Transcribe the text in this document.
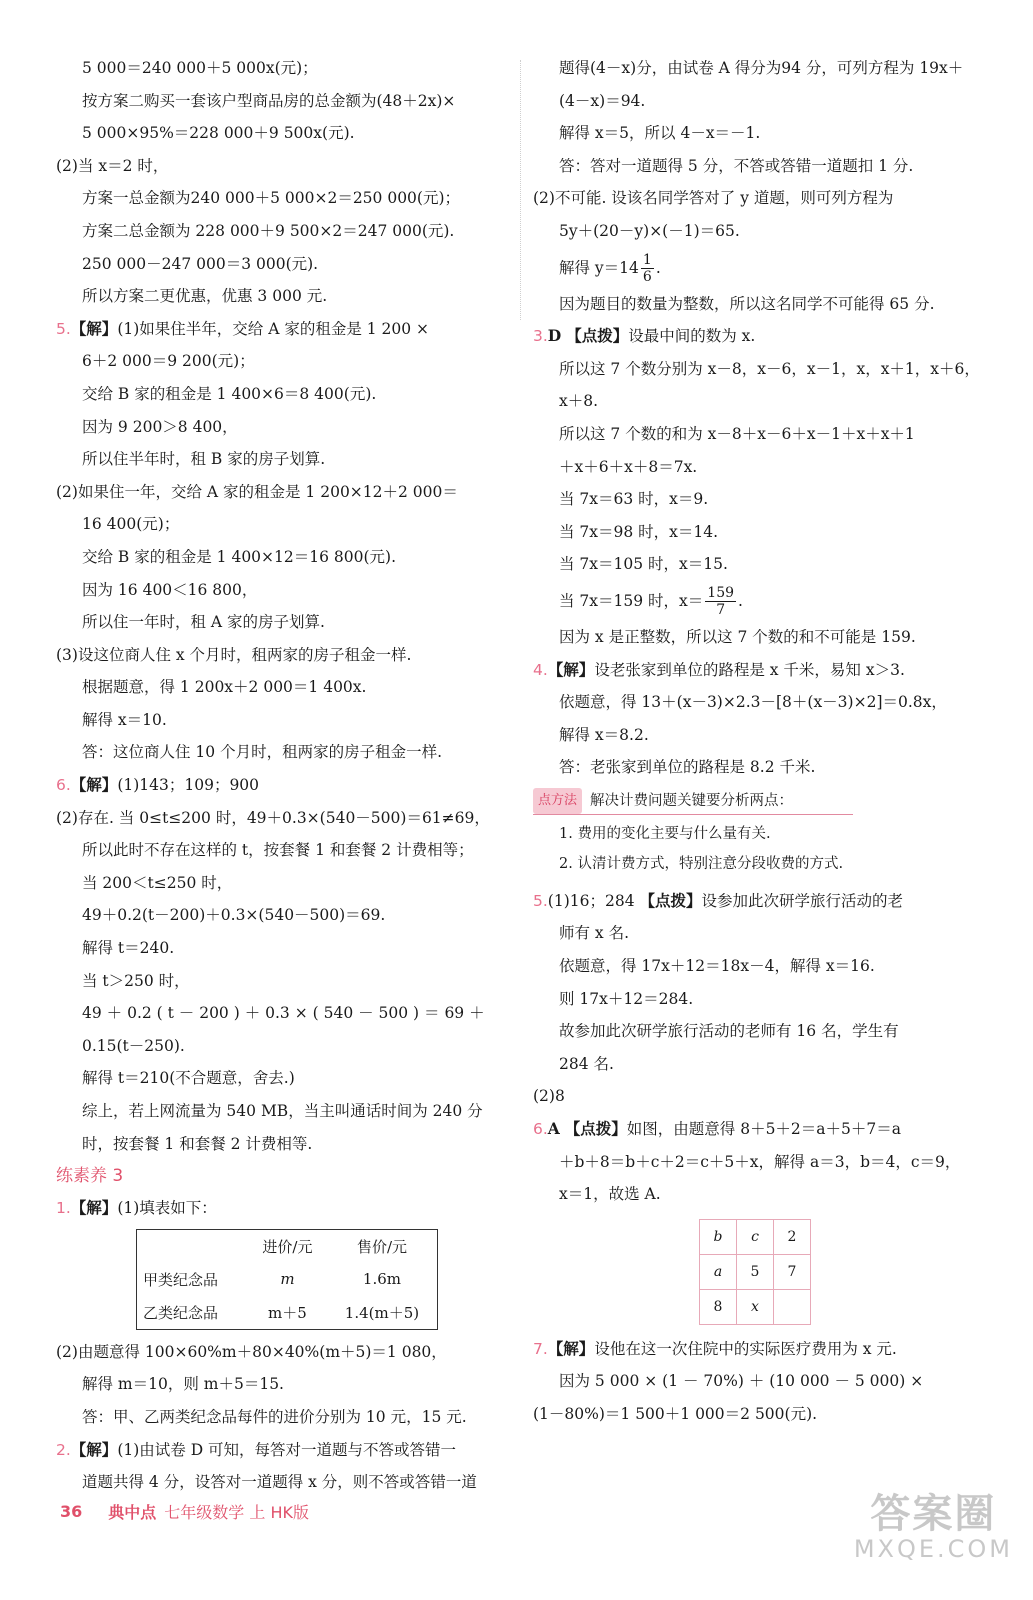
5 000＝240 000＋5 000x(元)；
按方案二购买一套该户型商品房的总金额为(48＋2x)×
5 000×95%＝228 000＋9 500x(元).
(2)当 x＝2 时，
方案一总金额为240 000＋5 000×2＝250 000(元)；
方案二总金额为 228 000＋9 500×2＝247 000(元).
250 000－247 000＝3 000(元).
所以方案二更优惠，优惠 3 000 元.
5.【解】(1)如果住半年，交给 A 家的租金是 1 200 ×
6＋2 000＝9 200(元)；
交给 B 家的租金是 1 400×6＝8 400(元).
因为 9 200＞8 400，
所以住半年时，租 B 家的房子划算.
(2)如果住一年，交给 A 家的租金是 1 200×12＋2 000＝
16 400(元)；
交给 B 家的租金是 1 400×12＝16 800(元).
因为 16 400＜16 800，
所以住一年时，租 A 家的房子划算.
(3)设这位商人住 x 个月时，租两家的房子租金一样.
根据题意，得 1 200x＋2 000＝1 400x.
解得 x＝10.
答：这位商人住 10 个月时，租两家的房子租金一样.
6.【解】(1)143；109；900
(2)存在. 当 0≤t≤200 时，49＋0.3×(540－500)＝61≠69，
所以此时不存在这样的 t，按套餐 1 和套餐 2 计费相等；
当 200＜t≤250 时，
49＋0.2(t－200)＋0.3×(540－500)＝69.
解得 t＝240.
当 t＞250 时，
49 ＋ 0.2 ( t － 200 ) ＋ 0.3 × ( 540 － 500 ) ＝ 69 ＋
0.15(t－250).
解得 t＝210(不合题意，舍去.)
综上，若上网流量为 540 MB，当主叫通话时间为 240 分
时，按套餐 1 和套餐 2 计费相等.
练素养 3
1.【解】(1)填表如下：
	进价/元	售价/元
甲类纪念品	m	1.6m
乙类纪念品	m＋5	1.4(m＋5)
(2)由题意得 100×60%m＋80×40%(m＋5)＝1 080，
解得 m＝10，则 m＋5＝15.
答：甲、乙两类纪念品每件的进价分别为 10 元，15 元.
2.【解】(1)由试卷 D 可知，每答对一道题与不答或答错一
道题共得 4 分，设答对一道题得 x 分，则不答或答错一道
题得(4－x)分，由试卷 A 得分为94 分，可列方程为 19x＋
(4－x)＝94.
解得 x＝5，所以 4－x＝－1.
答：答对一道题得 5 分，不答或答错一道题扣 1 分.
(2)不可能. 设该名同学答对了 y 道题，则可列方程为
5y＋(20－y)×(－1)＝65.
解得 $y=14 \frac{1}{6}$ .
因为题目的数量为整数，所以这名同学不可能得 65 分.
3.D 【点拨】设最中间的数为 x.
所以这 7 个数分别为 x－8，x－6，x－1，x，x＋1，x＋6，
x＋8.
所以这 7 个数的和为 x－8＋x－6＋x－1＋x＋x＋1
＋x＋6＋x＋8＝7x.
当 7x＝63 时，x＝9.
当 7x＝98 时，x＝14.
当 7x＝105 时，x＝15.
当 7x＝159 时，$x= \frac{159}{7}$ .
因为 x 是正整数，所以这 7 个数的和不可能是 159.
4.【解】设老张家到单位的路程是 x 千米，易知 x＞3.
依题意，得 13＋(x－3)×2.3－[8＋(x－3)×2]＝0.8x，
解得 x＝8.2.
答：老张家到单位的路程是 8.2 千米.
点方法 解决计费问题关键要分析两点：
1. 费用的变化主要与什么量有关.
2. 认清计费方式，特别注意分段收费的方式.
5.(1)16；284 【点拨】设参加此次研学旅行活动的老
师有 x 名.
依题意，得 17x＋12＝18x－4，解得 x＝16.
则 17x＋12＝284.
故参加此次研学旅行活动的老师有 16 名，学生有
284 名.
(2)8
6.A 【点拨】如图，由题意得 8＋5＋2＝a＋5＋7＝a
＋b＋8＝b＋c＋2＝c＋5＋x，解得 a＝3，b＝4，c＝9，
x＝1，故选 A.
b	c	2
a	5	7
8	x	
7.【解】设他在这一次住院中的实际医疗费用为 x 元.
因为 5 000 × (1 － 70%) ＋ (10 000 － 5 000) ×
(1－80%)＝1 500＋1 000＝2 500(元).
36 典中点 七年级数学 上 HK版	答案圈
MXQE.COM
